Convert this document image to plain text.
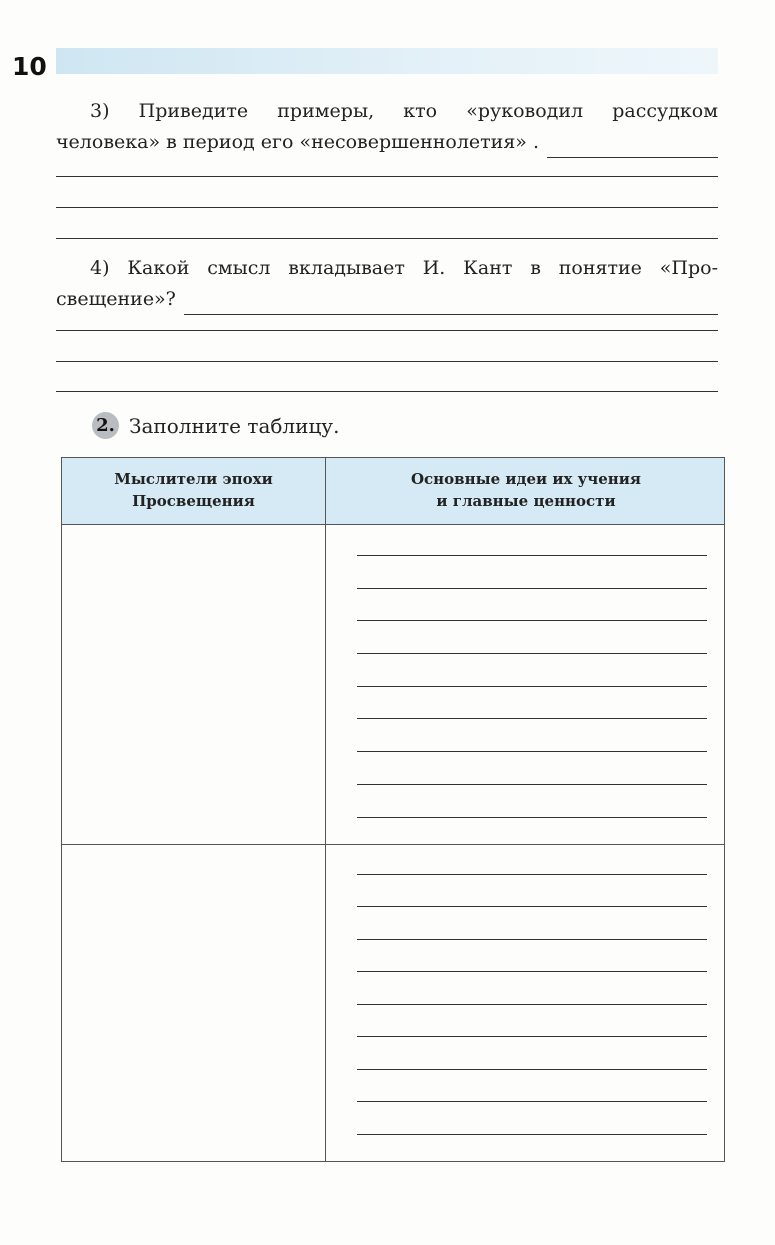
10
3) Приведите примеры, кто «руководил рассудком
человека» в период его «несовершеннолетия» .
4) Какой смысл вкладывает И. Кант в понятие «Про-
свещение»?
2. Заполните таблицу.
Мыслители эпохи
Просвещения
Основные идеи их учения
и главные ценности
